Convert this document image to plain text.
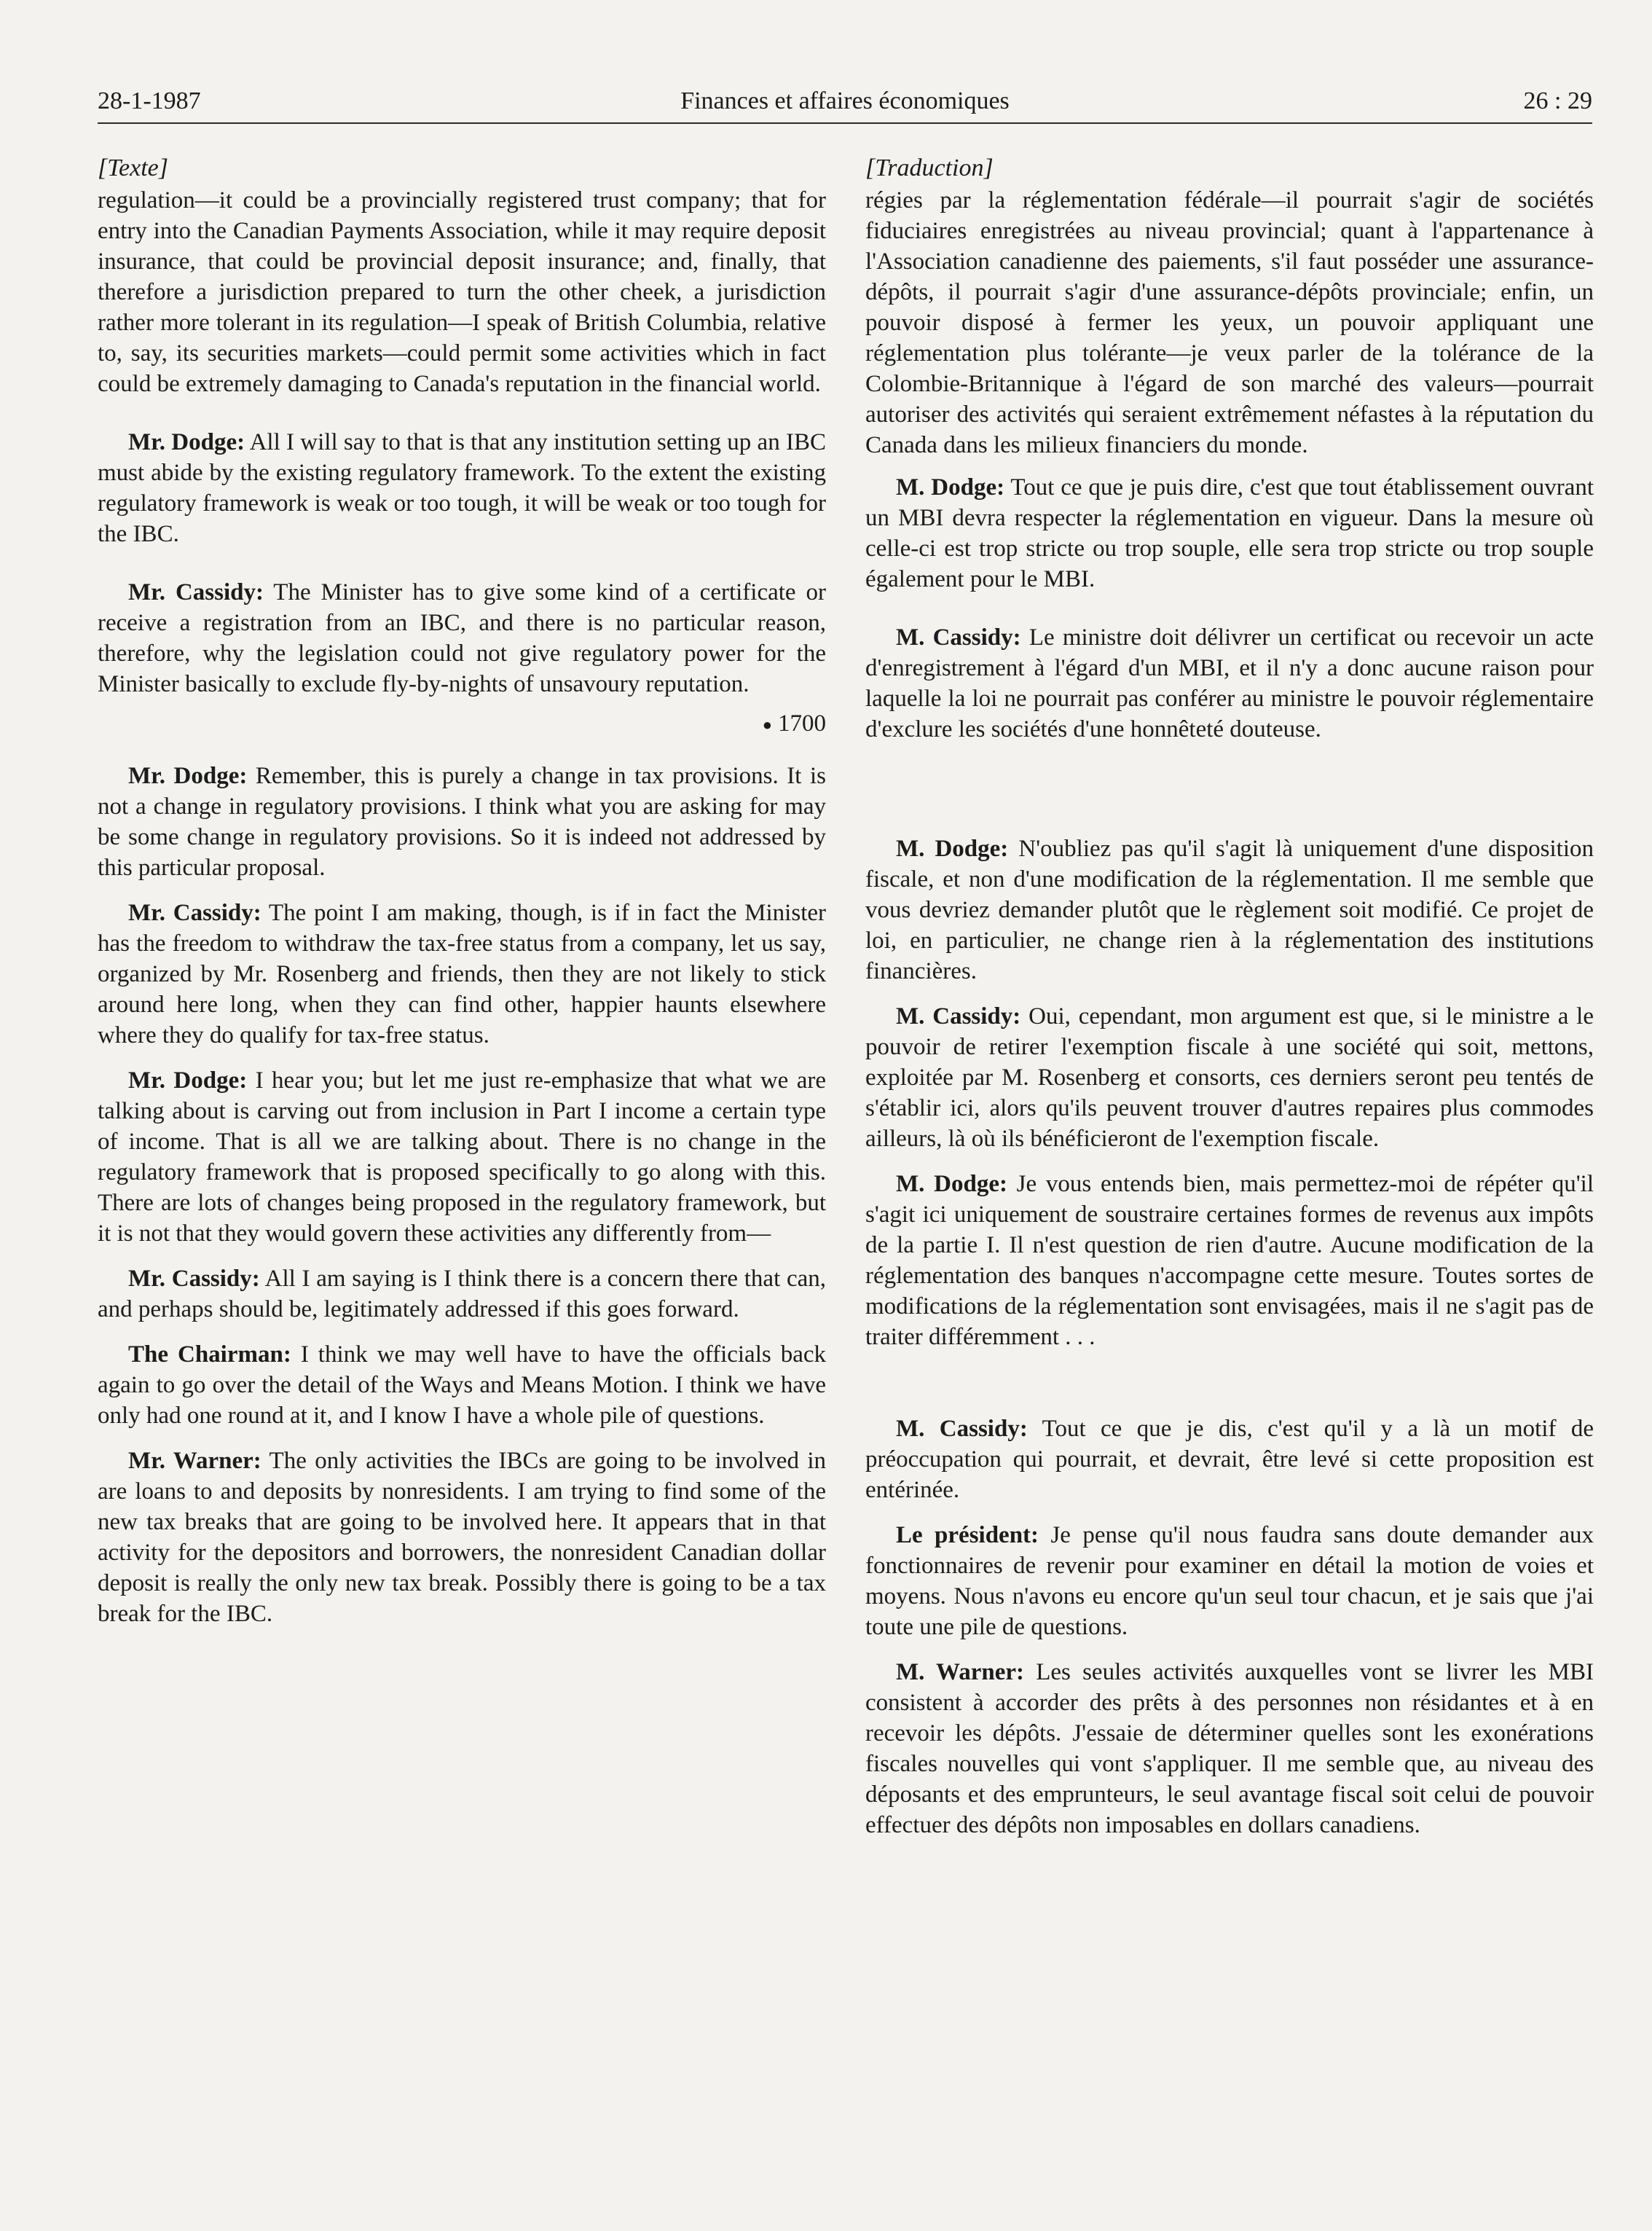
28-1-1987	Finances et affaires économiques	26 : 29
[Texte]

regulation—it could be a provincially registered trust company; that for entry into the Canadian Payments Association, while it may require deposit insurance, that could be provincial deposit insurance; and, finally, that therefore a jurisdiction prepared to turn the other cheek, a jurisdiction rather more tolerant in its regulation—I speak of British Columbia, relative to, say, its securities markets—could permit some activities which in fact could be extremely damaging to Canada's reputation in the financial world.

Mr. Dodge: All I will say to that is that any institution setting up an IBC must abide by the existing regulatory framework. To the extent the existing regulatory framework is weak or too tough, it will be weak or too tough for the IBC.

Mr. Cassidy: The Minister has to give some kind of a certificate or receive a registration from an IBC, and there is no particular reason, therefore, why the legislation could not give regulatory power for the Minister basically to exclude fly-by-nights of unsavoury reputation.

● 1700

Mr. Dodge: Remember, this is purely a change in tax provisions. It is not a change in regulatory provisions. I think what you are asking for may be some change in regulatory provisions. So it is indeed not addressed by this particular proposal.

Mr. Cassidy: The point I am making, though, is if in fact the Minister has the freedom to withdraw the tax-free status from a company, let us say, organized by Mr. Rosenberg and friends, then they are not likely to stick around here long, when they can find other, happier haunts elsewhere where they do qualify for tax-free status.

Mr. Dodge: I hear you; but let me just re-emphasize that what we are talking about is carving out from inclusion in Part I income a certain type of income. That is all we are talking about. There is no change in the regulatory framework that is proposed specifically to go along with this. There are lots of changes being proposed in the regulatory framework, but it is not that they would govern these activities any differently from—

Mr. Cassidy: All I am saying is I think there is a concern there that can, and perhaps should be, legitimately addressed if this goes forward.

The Chairman: I think we may well have to have the officials back again to go over the detail of the Ways and Means Motion. I think we have only had one round at it, and I know I have a whole pile of questions.

Mr. Warner: The only activities the IBCs are going to be involved in are loans to and deposits by nonresidents. I am trying to find some of the new tax breaks that are going to be involved here. It appears that in that activity for the depositors and borrowers, the nonresident Canadian dollar deposit is really the only new tax break. Possibly there is going to be a tax break for the IBC.

[Traduction]

régies par la réglementation fédérale—il pourrait s'agir de sociétés fiduciaires enregistrées au niveau provincial; quant à l'appartenance à l'Association canadienne des paiements, s'il faut posséder une assurance-dépôts, il pourrait s'agir d'une assurance-dépôts provinciale; enfin, un pouvoir disposé à fermer les yeux, un pouvoir appliquant une réglementation plus tolérante—je veux parler de la tolérance de la Colombie-Britannique à l'égard de son marché des valeurs—pourrait autoriser des activités qui seraient extrêmement néfastes à la réputation du Canada dans les milieux financiers du monde.

M. Dodge: Tout ce que je puis dire, c'est que tout établissement ouvrant un MBI devra respecter la réglementation en vigueur. Dans la mesure où celle-ci est trop stricte ou trop souple, elle sera trop stricte ou trop souple également pour le MBI.

M. Cassidy: Le ministre doit délivrer un certificat ou recevoir un acte d'enregistrement à l'égard d'un MBI, et il n'y a donc aucune raison pour laquelle la loi ne pourrait pas conférer au ministre le pouvoir réglementaire d'exclure les sociétés d'une honnêteté douteuse.

M. Dodge: N'oubliez pas qu'il s'agit là uniquement d'une disposition fiscale, et non d'une modification de la réglementation. Il me semble que vous devriez demander plutôt que le règlement soit modifié. Ce projet de loi, en particulier, ne change rien à la réglementation des institutions financières.

M. Cassidy: Oui, cependant, mon argument est que, si le ministre a le pouvoir de retirer l'exemption fiscale à une société qui soit, mettons, exploitée par M. Rosenberg et consorts, ces derniers seront peu tentés de s'établir ici, alors qu'ils peuvent trouver d'autres repaires plus commodes ailleurs, là où ils bénéficieront de l'exemption fiscale.

M. Dodge: Je vous entends bien, mais permettez-moi de répéter qu'il s'agit ici uniquement de soustraire certaines formes de revenus aux impôts de la partie I. Il n'est question de rien d'autre. Aucune modification de la réglementation des banques n'accompagne cette mesure. Toutes sortes de modifications de la réglementation sont envisagées, mais il ne s'agit pas de traiter différemment . . .

M. Cassidy: Tout ce que je dis, c'est qu'il y a là un motif de préoccupation qui pourrait, et devrait, être levé si cette proposition est entérinée.

Le président: Je pense qu'il nous faudra sans doute demander aux fonctionnaires de revenir pour examiner en détail la motion de voies et moyens. Nous n'avons eu encore qu'un seul tour chacun, et je sais que j'ai toute une pile de questions.

M. Warner: Les seules activités auxquelles vont se livrer les MBI consistent à accorder des prêts à des personnes non résidantes et à en recevoir les dépôts. J'essaie de déterminer quelles sont les exonérations fiscales nouvelles qui vont s'appliquer. Il me semble que, au niveau des déposants et des emprunteurs, le seul avantage fiscal soit celui de pouvoir effectuer des dépôts non imposables en dollars canadiens.
